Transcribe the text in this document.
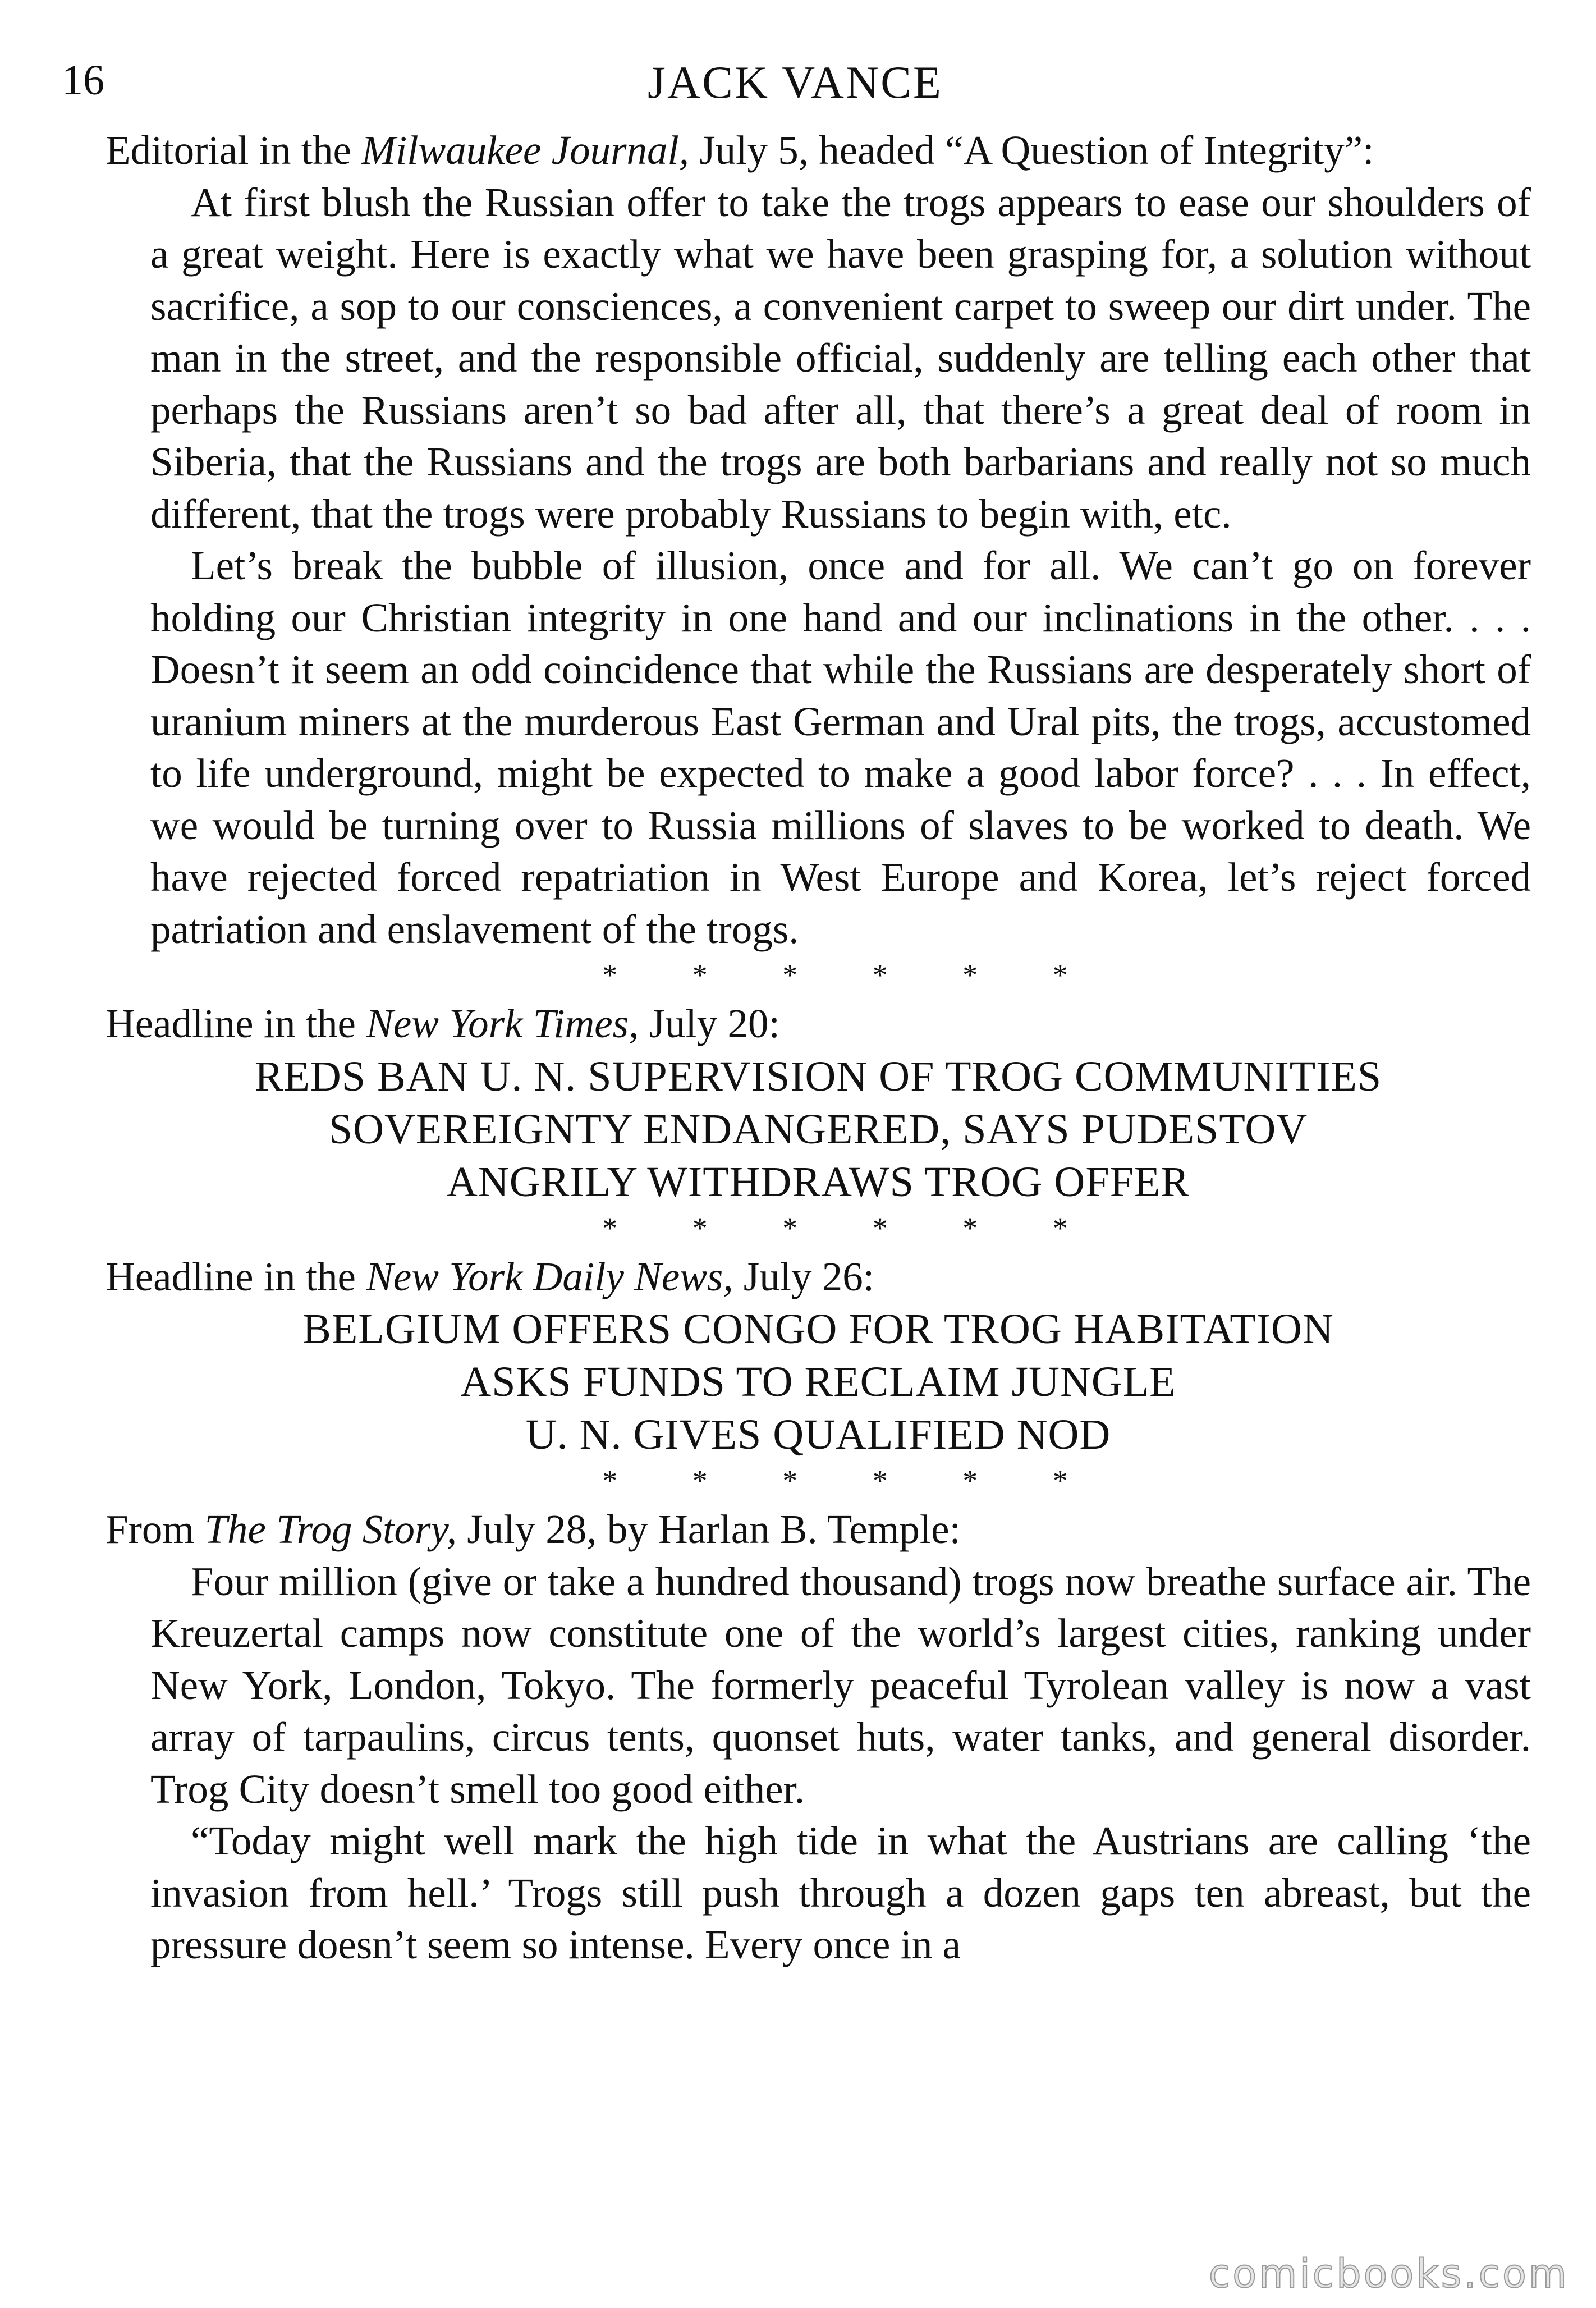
16	JACK VANCE

Editorial in the Milwaukee Journal, July 5, headed “A Question of Integrity”:

At first blush the Russian offer to take the trogs appears to ease our shoulders of a great weight. Here is exactly what we have been grasping for, a solution without sacrifice, a sop to our consciences, a convenient carpet to sweep our dirt under. The man in the street, and the responsible official, suddenly are telling each other that perhaps the Russians aren’t so bad after all, that there’s a great deal of room in Siberia, that the Russians and the trogs are both barbarians and really not so much different, that the trogs were probably Russians to begin with, etc.

Let’s break the bubble of illusion, once and for all. We can’t go on forever holding our Christian integrity in one hand and our inclinations in the other. . . . Doesn’t it seem an odd coincidence that while the Russians are desperately short of uranium miners at the murderous East German and Ural pits, the trogs, accustomed to life underground, might be expected to make a good labor force? . . . In effect, we would be turning over to Russia millions of slaves to be worked to death. We have rejected forced repatriation in West Europe and Korea, let’s reject forced patriation and enslavement of the trogs.

* * * * * *

Headline in the New York Times, July 20:

REDS BAN U. N. SUPERVISION OF TROG COMMUNITIES

SOVEREIGNTY ENDANGERED, SAYS PUDESTOV

ANGRILY WITHDRAWS TROG OFFER

* * * * * *

Headline in the New York Daily News, July 26:

BELGIUM OFFERS CONGO FOR TROG HABITATION

ASKS FUNDS TO RECLAIM JUNGLE

U. N. GIVES QUALIFIED NOD

* * * * * *

From The Trog Story, July 28, by Harlan B. Temple:

Four million (give or take a hundred thousand) trogs now breathe surface air. The Kreuzertal camps now constitute one of the world’s largest cities, ranking under New York, London, Tokyo. The formerly peaceful Tyrolean valley is now a vast array of tarpaulins, circus tents, quonset huts, water tanks, and general disorder. Trog City doesn’t smell too good either.

“Today might well mark the high tide in what the Austrians are calling ‘the invasion from hell.’ Trogs still push through a dozen gaps ten abreast, but the pressure doesn’t seem so intense. Every once in a

comicbooks.com
